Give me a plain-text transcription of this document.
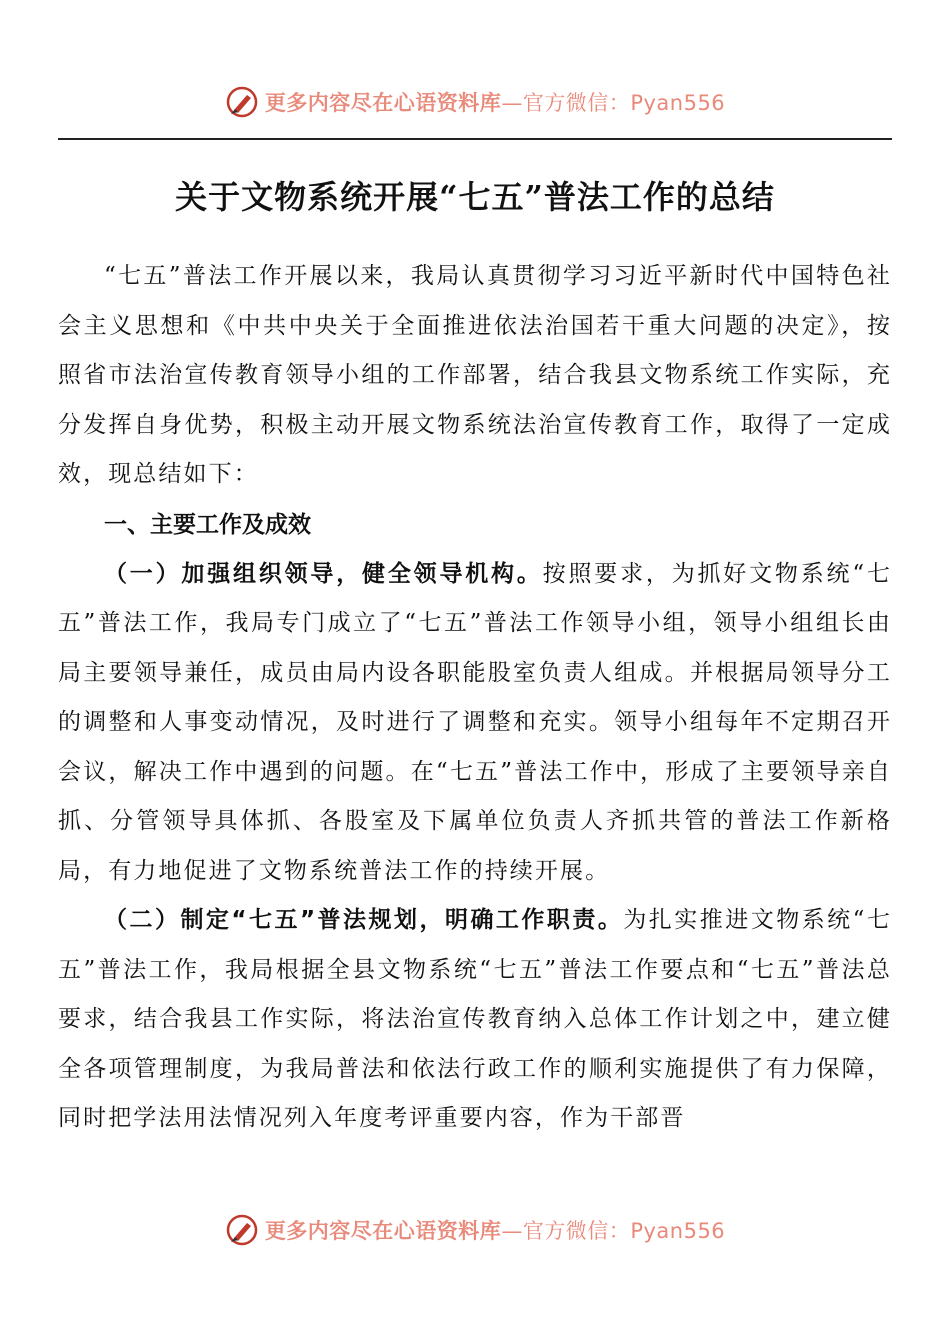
更多内容尽在心语资料库—官方微信：Pyan556
关于文物系统开展“七五”普法工作的总结

“七五”普法工作开展以来，我局认真贯彻学习习近平新时代中国特色社会主义思想和《中共中央关于全面推进依法治国若干重大问题的决定》，按照省市法治宣传教育领导小组的工作部署，结合我县文物系统工作实际，充分发挥自身优势，积极主动开展文物系统法治宣传教育工作，取得了一定成效，现总结如下：

一、主要工作及成效

（一）加强组织领导，健全领导机构。按照要求，为抓好文物系统“七五”普法工作，我局专门成立了“七五”普法工作领导小组，领导小组组长由局主要领导兼任，成员由局内设各职能股室负责人组成。并根据局领导分工的调整和人事变动情况，及时进行了调整和充实。领导小组每年不定期召开会议，解决工作中遇到的问题。在“七五”普法工作中，形成了主要领导亲自抓、分管领导具体抓、各股室及下属单位负责人齐抓共管的普法工作新格局，有力地促进了文物系统普法工作的持续开展。

（二）制定“七五”普法规划，明确工作职责。为扎实推进文物系统“七五”普法工作，我局根据全县文物系统“七五”普法工作要点和“七五”普法总要求，结合我县工作实际，将法治宣传教育纳入总体工作计划之中，建立健全各项管理制度，为我局普法和依法行政工作的顺利实施提供了有力保障，同时把学法用法情况列入年度考评重要内容，作为干部晋

更多内容尽在心语资料库—官方微信：Pyan556
